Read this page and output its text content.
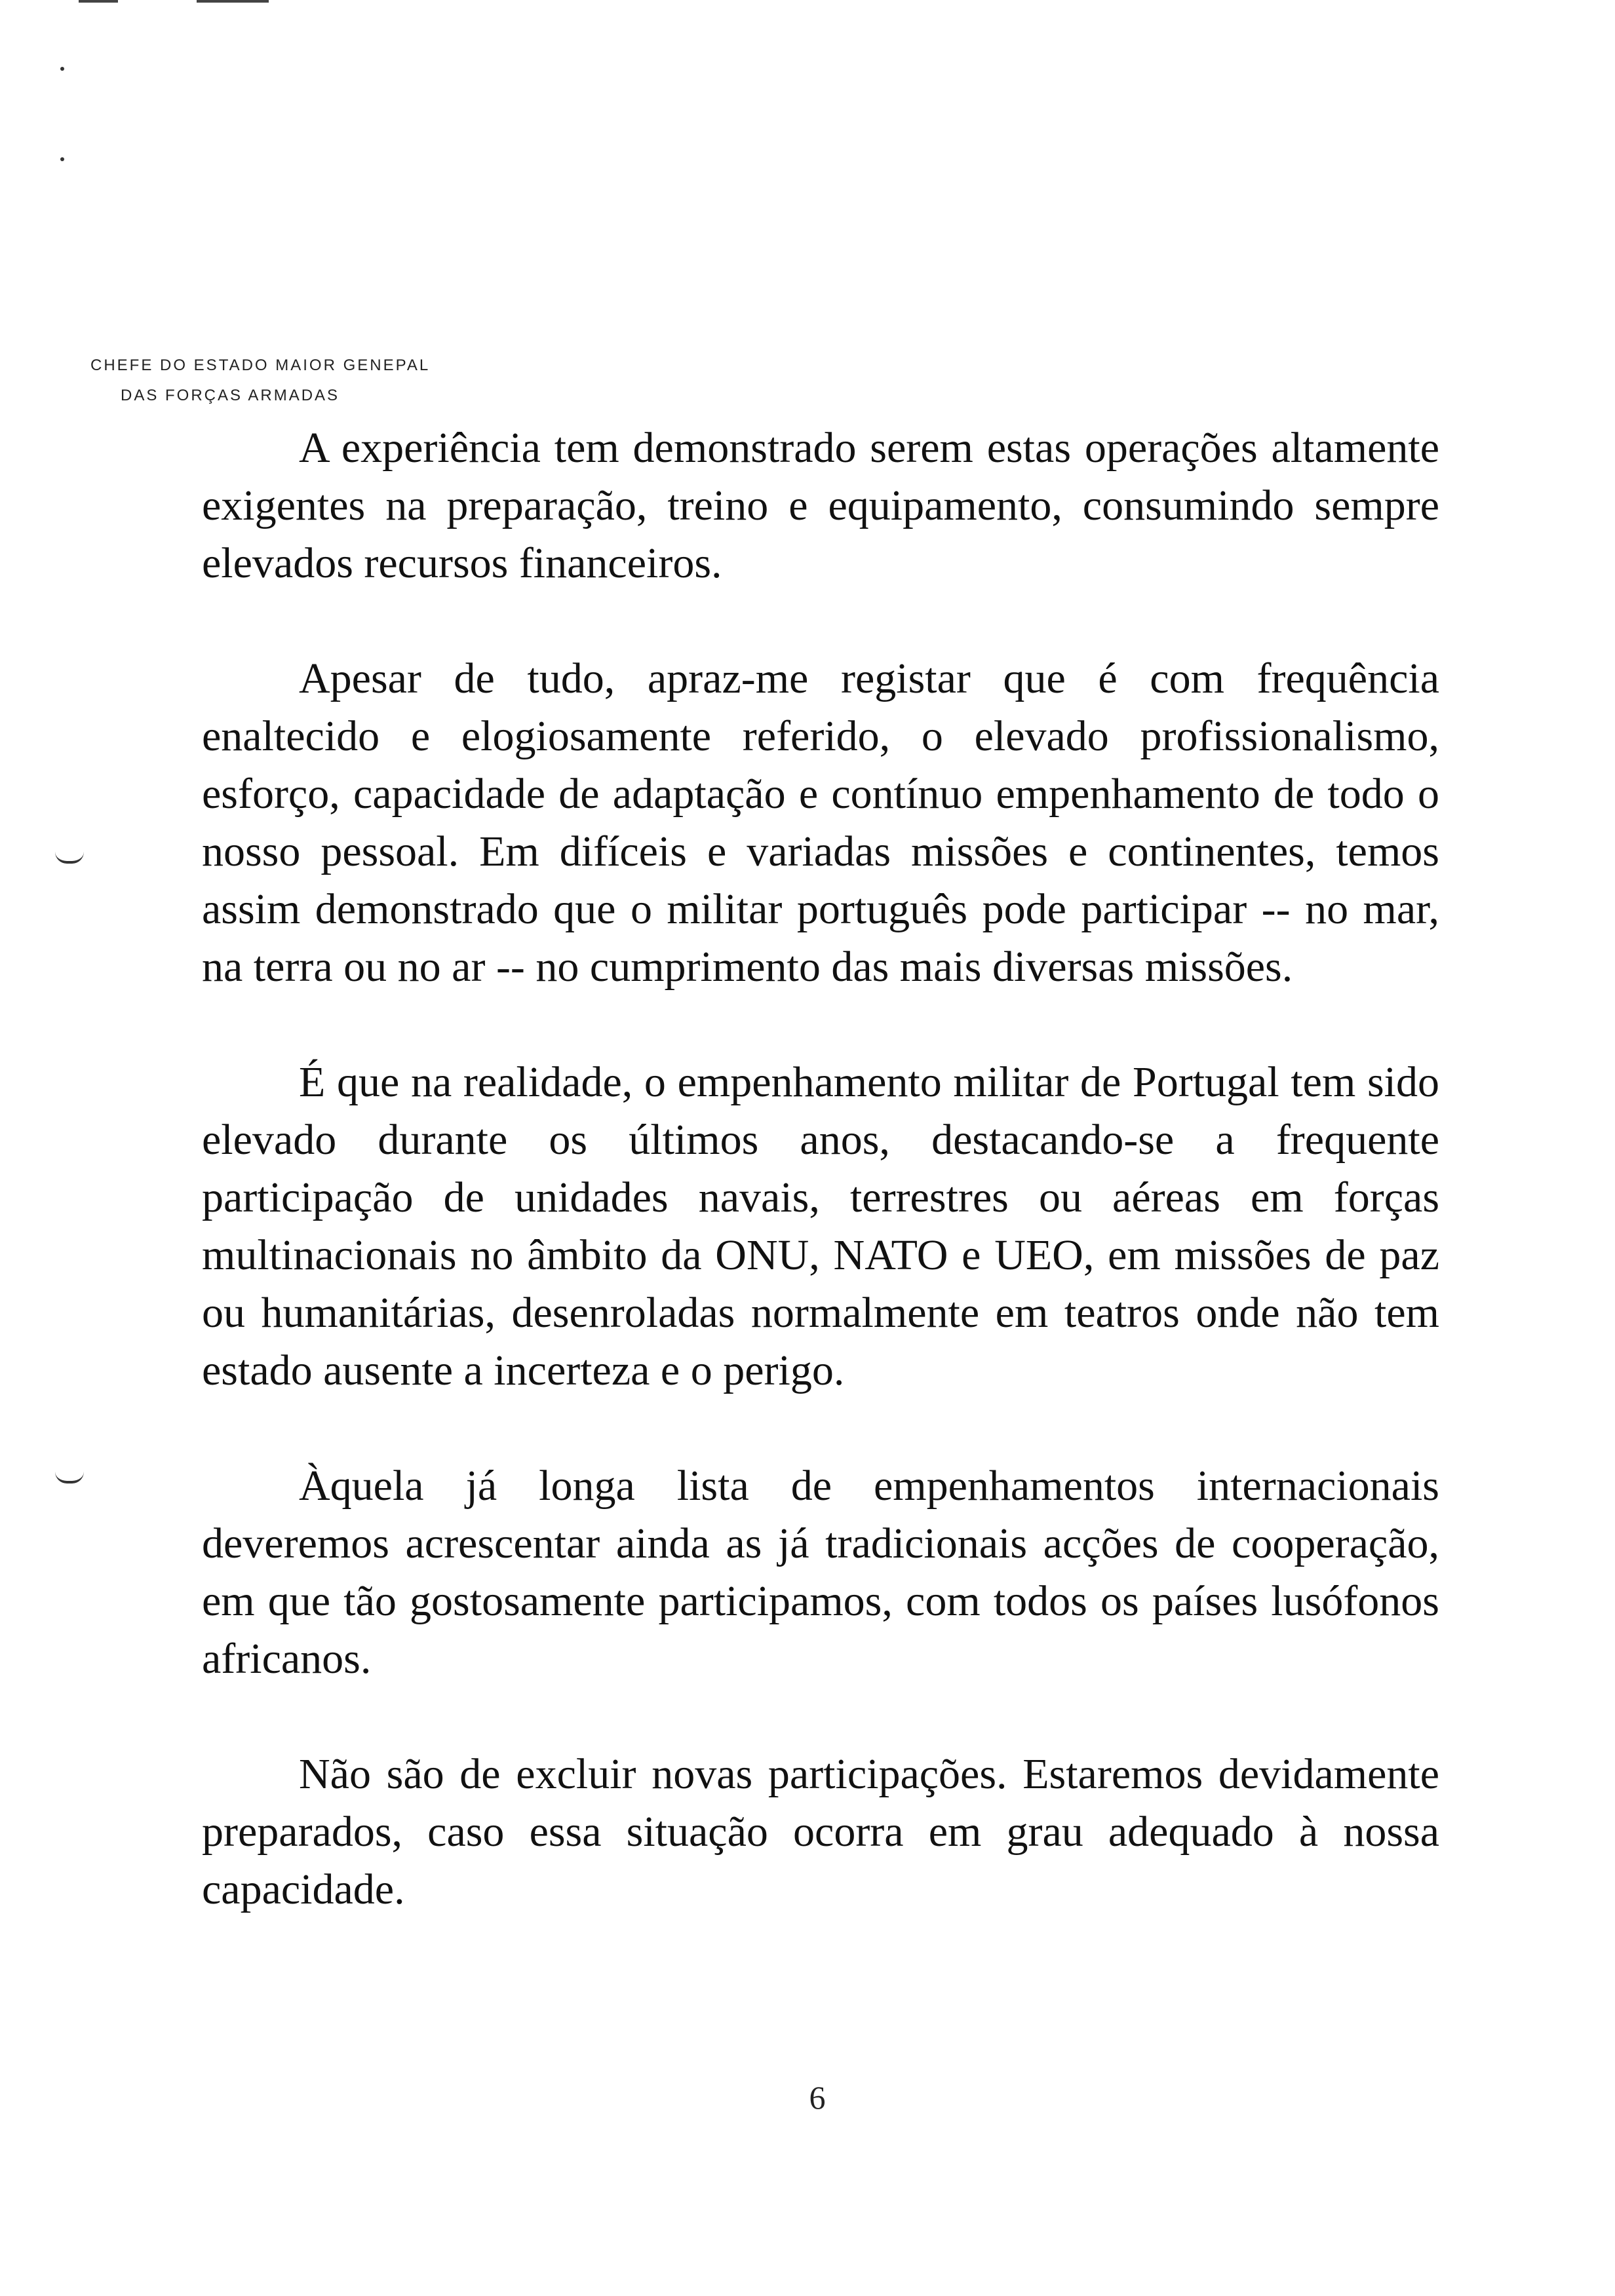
CHEFE DO ESTADO MAIOR GENEPAL
DAS FORÇAS ARMADAS

A experiência tem demonstrado serem estas operações altamente exigentes na preparação, treino e equipamento, consumindo sempre elevados recursos financeiros.

Apesar de tudo, apraz-me registar que é com frequência enaltecido e elogiosamente referido, o elevado profissionalismo, esforço, capacidade de adaptação e contínuo empenhamento de todo o nosso pessoal. Em difíceis e variadas missões e continentes, temos assim demonstrado que o militar português pode participar -- no mar, na terra ou no ar -- no cumprimento das mais diversas missões.

É que na realidade, o empenhamento militar de Portugal tem sido elevado durante os últimos anos, destacando-se a frequente participação de unidades navais, terrestres ou aéreas em forças multinacionais no âmbito da ONU, NATO e UEO, em missões de paz ou humanitárias, desenroladas normalmente em teatros onde não tem estado ausente a incerteza e o perigo.

Àquela já longa lista de empenhamentos internacionais deveremos acrescentar ainda as já tradicionais acções de cooperação, em que tão gostosamente participamos, com todos os países lusófonos africanos.

Não são de excluir novas participações. Estaremos devidamente preparados, caso essa situação ocorra em grau adequado à nossa capacidade.

6
